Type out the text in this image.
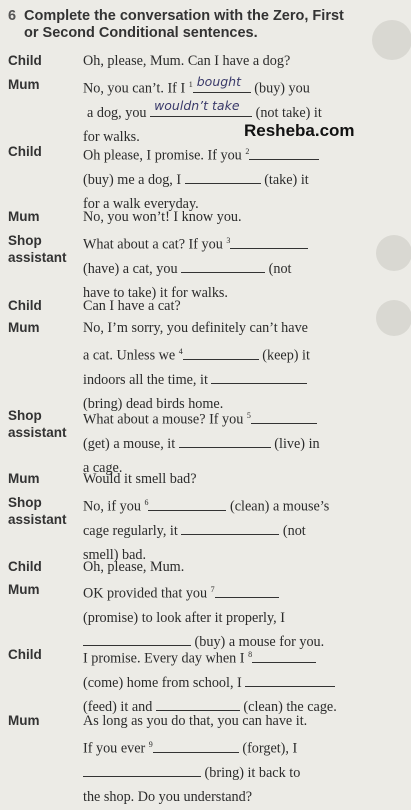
6 Complete the conversation with the Zero, First
or Second Conditional sentences.
Resheba.com
Child	Oh, please, Mum. Can I have a dog?
Mum	No, you can’t. If I $^1$ bought (buy) you
a dog, you wouldn’t take (not take) it
for walks.
Child	Oh please, I promise. If you $^2$
(buy) me a dog, I	(take) it
for a walk everyday.
Mum	No, you won’t! I know you.
Shop
assistant
What about a cat? If you $^3$
(have) a cat, you	(not
have to take) it for walks.
Child	Can I have a cat?
Mum	No, I’m sorry, you definitely can’t have
a cat. Unless we $^4$	(keep) it
indoors all the time, it
(bring) dead birds home.
Shop
assistant
What about a mouse? If you $^5$
(get) a mouse, it	(live) in
a cage.
Mum	Would it smell bad?
Shop
assistant
No, if you $^6$	(clean) a mouse’s
cage regularly, it	(not
smell) bad.
Child	Oh, please, Mum.
Mum	OK provided that you $^7$
(promise) to look after it properly, I
(buy) a mouse for you.
Child	I promise. Every day when I $^8$
(come) home from school, I
(feed) it and	(clean) the cage.
Mum	As long as you do that, you can have it.
If you ever $^9$	(forget), I
(bring) it back to
the shop. Do you understand?
